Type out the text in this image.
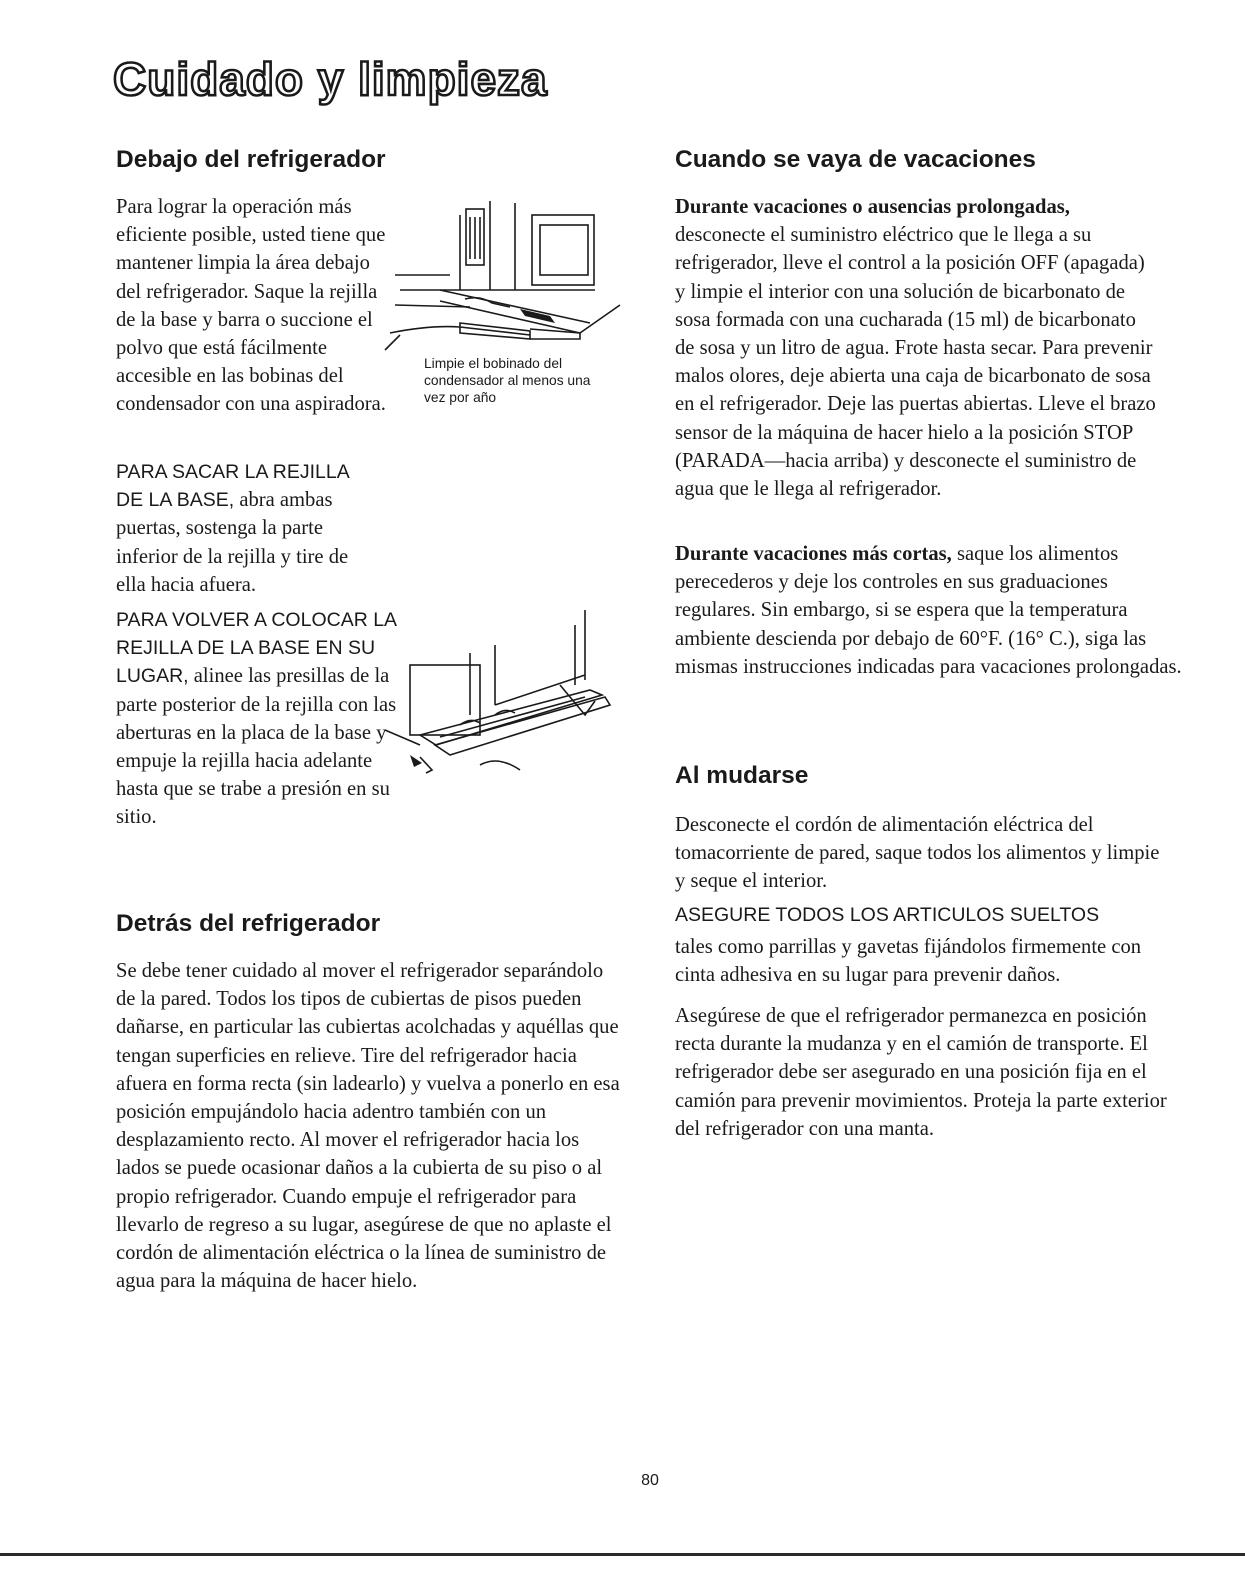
Cuidado y limpieza
Debajo del refrigerador

Para lograr la operación más eficiente posible, usted tiene que mantener limpia la área debajo del refrigerador. Saque la rejilla de la base y barra o succione el polvo que está fácilmente accesible en las bobinas del condensador con una aspiradora.

Limpie el bobinado del condensador al menos una vez por año

PARA SACAR LA REJILLA DE LA BASE, abra ambas puertas, sostenga la parte inferior de la rejilla y tire de ella hacia afuera.

PARA VOLVER A COLOCAR LA REJILLA DE LA BASE EN SU LUGAR, alinee las presillas de la parte posterior de la rejilla con las aberturas en la placa de la base y empuje la rejilla hacia adelante hasta que se trabe a presión en su sitio.

Detrás del refrigerador

Se debe tener cuidado al mover el refrigerador separándolo de la pared. Todos los tipos de cubiertas de pisos pueden dañarse, en particular las cubiertas acolchadas y aquéllas que tengan superficies en relieve. Tire del refrigerador hacia afuera en forma recta (sin ladearlo) y vuelva a ponerlo en esa posición empujándolo hacia adentro también con un desplazamiento recto. Al mover el refrigerador hacia los lados se puede ocasionar daños a la cubierta de su piso o al propio refrigerador. Cuando empuje el refrigerador para llevarlo de regreso a su lugar, asegúrese de que no aplaste el cordón de alimentación eléctrica o la línea de suministro de agua para la máquina de hacer hielo.

Cuando se vaya de vacaciones

Durante vacaciones o ausencias prolongadas, desconecte el suministro eléctrico que le llega a su refrigerador, lleve el control a la posición OFF (apagada) y limpie el interior con una solución de bicarbonato de sosa formada con una cucharada (15 ml) de bicarbonato de sosa y un litro de agua. Frote hasta secar. Para prevenir malos olores, deje abierta una caja de bicarbonato de sosa en el refrigerador. Deje las puertas abiertas. Lleve el brazo sensor de la máquina de hacer hielo a la posición STOP (PARADA—hacia arriba) y desconecte el suministro de agua que le llega al refrigerador.

Durante vacaciones más cortas, saque los alimentos perecederos y deje los controles en sus graduaciones regulares. Sin embargo, si se espera que la temperatura ambiente descienda por debajo de 60°F. (16° C.), siga las mismas instrucciones indicadas para vacaciones prolongadas.

Al mudarse

Desconecte el cordón de alimentación eléctrica del tomacorriente de pared, saque todos los alimentos y limpie y seque el interior.

ASEGURE TODOS LOS ARTICULOS SUELTOS

tales como parrillas y gavetas fijándolos firmemente con cinta adhesiva en su lugar para prevenir daños.

Asegúrese de que el refrigerador permanezca en posición recta durante la mudanza y en el camión de transporte. El refrigerador debe ser asegurado en una posición fija en el camión para prevenir movimientos. Proteja la parte exterior del refrigerador con una manta.

80
